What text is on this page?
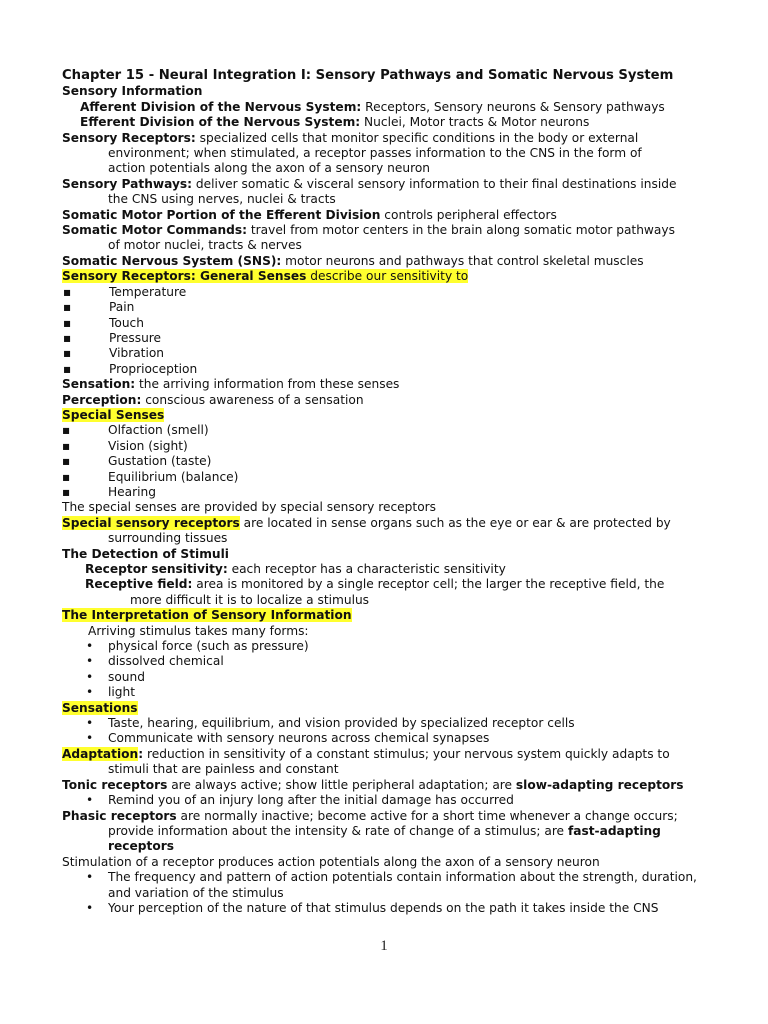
Chapter 15 - Neural Integration I: Sensory Pathways and Somatic Nervous System

Sensory Information

Afferent Division of the Nervous System: Receptors, Sensory neurons & Sensory pathways

Efferent Division of the Nervous System: Nuclei, Motor tracts & Motor neurons

Sensory Receptors: specialized cells that monitor specific conditions in the body or external

environment; when stimulated, a receptor passes information to the CNS in the form of

action potentials along the axon of a sensory neuron

Sensory Pathways: deliver somatic & visceral sensory information to their final destinations inside

the CNS using nerves, nuclei & tracts

Somatic Motor Portion of the Efferent Division controls peripheral effectors

Somatic Motor Commands: travel from motor centers in the brain along somatic motor pathways

of motor nuclei, tracts & nerves

Somatic Nervous System (SNS): motor neurons and pathways that control skeletal muscles

Sensory Receptors: General Senses describe our sensitivity to

▪	Temperature
▪	Pain
▪	Touch
▪	Pressure
▪	Vibration
▪	Proprioception

Sensation: the arriving information from these senses

Perception: conscious awareness of a sensation

Special Senses

▪	Olfaction (smell)
▪	Vision (sight)
▪	Gustation (taste)
▪	Equilibrium (balance)
▪	Hearing

The special senses are provided by special sensory receptors

Special sensory receptors are located in sense organs such as the eye or ear & are protected by

surrounding tissues

The Detection of Stimuli

Receptor sensitivity: each receptor has a characteristic sensitivity

Receptive field: area is monitored by a single receptor cell; the larger the receptive field, the

more difficult it is to localize a stimulus

The Interpretation of Sensory Information

Arriving stimulus takes many forms:

•	physical force (such as pressure)
•	dissolved chemical
•	sound
•	light

Sensations

•	Taste, hearing, equilibrium, and vision provided by specialized receptor cells
•	Communicate with sensory neurons across chemical synapses

Adaptation: reduction in sensitivity of a constant stimulus; your nervous system quickly adapts to

stimuli that are painless and constant

Tonic receptors are always active; show little peripheral adaptation; are slow-adapting receptors

•	Remind you of an injury long after the initial damage has occurred

Phasic receptors are normally inactive; become active for a short time whenever a change occurs;

provide information about the intensity & rate of change of a stimulus; are fast-adapting

receptors

Stimulation of a receptor produces action potentials along the axon of a sensory neuron

•	The frequency and pattern of action potentials contain information about the strength, duration, and variation of the stimulus
•	Your perception of the nature of that stimulus depends on the path it takes inside the CNS
1
